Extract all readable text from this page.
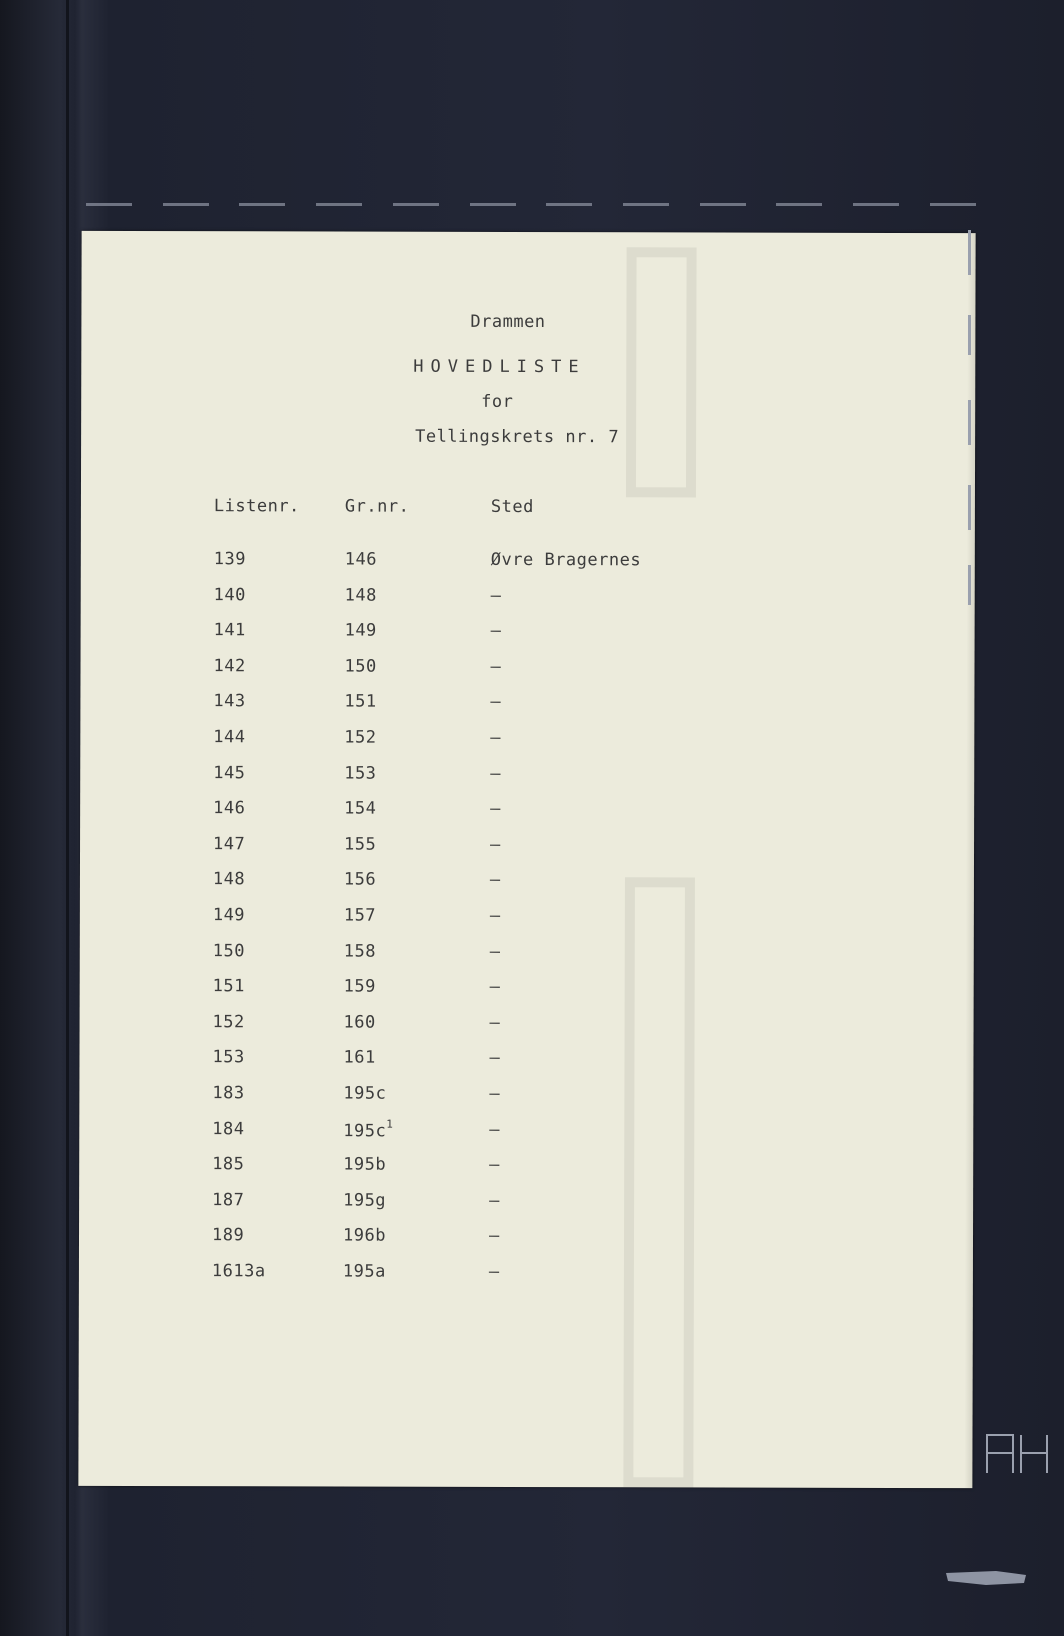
Drammen
HOVEDLISTE
for
Tellingskrets nr. 7
Listenr.	Gr.nr.	Sted
139	146	Øvre Bragernes
140	148	–
141	149	–
142	150	–
143	151	–
144	152	–
145	153	–
146	154	–
147	155	–
148	156	–
149	157	–
150	158	–
151	159	–
152	160	–
153	161	–
183	195c	–
184	$195c^1$	–
185	195b	–
187	195g	–
189	196b	–
1613a	195a	–
